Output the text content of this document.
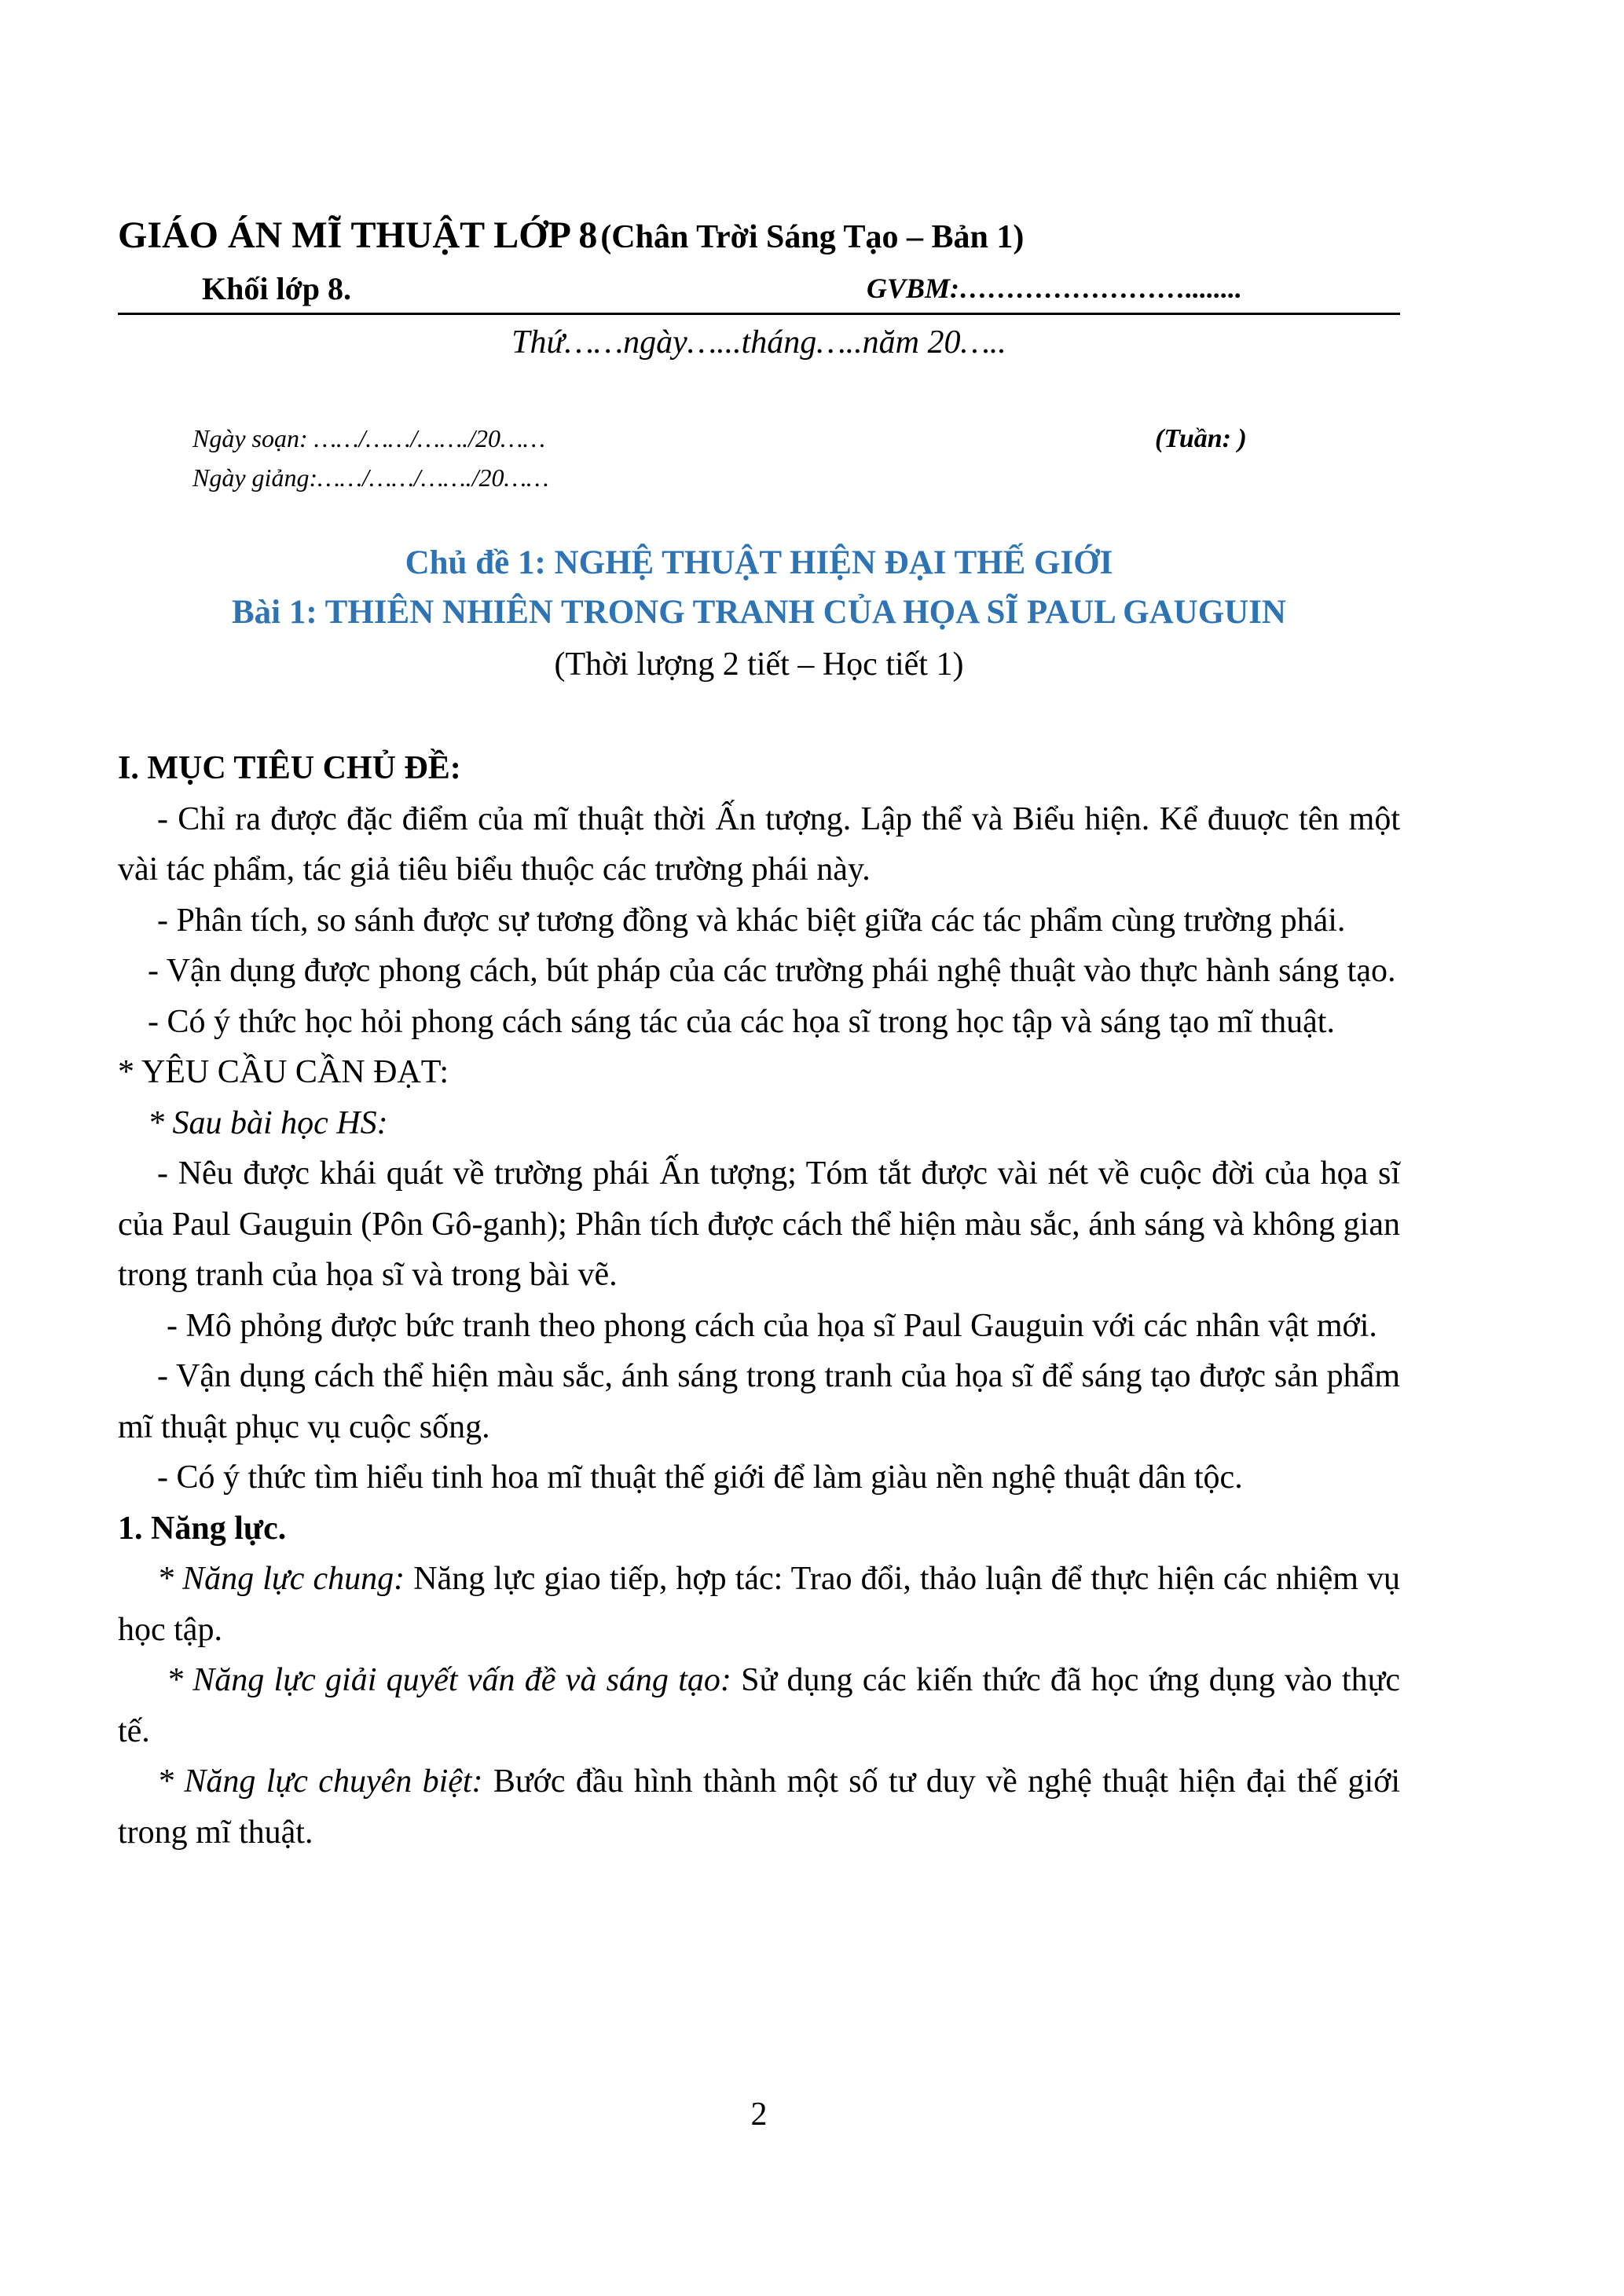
GIÁO ÁN MĨ THUẬT LỚP 8 (Chân Trời Sáng Tạo – Bản 1)
Khối lớp 8.	GVBM:……………………........
Thứ……ngày…...tháng…..năm 20…..
Ngày soạn: ……/……/……./20……	(Tuần: )
Ngày giảng:……/……/……./20……
Chủ đề 1: NGHỆ THUẬT HIỆN ĐẠI THẾ GIỚI
Bài 1: THIÊN NHIÊN TRONG TRANH CỦA HỌA SĨ PAUL GAUGUIN
(Thời lượng 2 tiết – Học tiết 1)

I. MỤC TIÊU CHỦ ĐỀ:

- Chỉ ra được đặc điểm của mĩ thuật thời Ấn tượng. Lập thể và Biểu hiện. Kể đuuợc tên một vài tác phẩm, tác giả tiêu biểu thuộc các trường phái này.

- Phân tích, so sánh được sự tương đồng và khác biệt giữa các tác phẩm cùng trường phái.

- Vận dụng được phong cách, bút pháp của các trường phái nghệ thuật vào thực hành sáng tạo.

- Có ý thức học hỏi phong cách sáng tác của các họa sĩ trong học tập và sáng tạo mĩ thuật.

* YÊU CẦU CẦN ĐẠT:

* Sau bài học HS:

- Nêu được khái quát về trường phái Ấn tượng; Tóm tắt được vài nét về cuộc đời của họa sĩ của Paul Gauguin (Pôn Gô-ganh); Phân tích được cách thể hiện màu sắc, ánh sáng và không gian trong tranh của họa sĩ và trong bài vẽ.

- Mô phỏng được bức tranh theo phong cách của họa sĩ Paul Gauguin với các nhân vật mới.

- Vận dụng cách thể hiện màu sắc, ánh sáng trong tranh của họa sĩ để sáng tạo được sản phẩm mĩ thuật phục vụ cuộc sống.

- Có ý thức tìm hiểu tinh hoa mĩ thuật thế giới để làm giàu nền nghệ thuật dân tộc.

1. Năng lực.

* Năng lực chung: Năng lực giao tiếp, hợp tác: Trao đổi, thảo luận để thực hiện các nhiệm vụ học tập.

* Năng lực giải quyết vấn đề và sáng tạo: Sử dụng các kiến thức đã học ứng dụng vào thực tế.

* Năng lực chuyên biệt: Bước đầu hình thành một số tư duy về nghệ thuật hiện đại thế giới trong mĩ thuật.

2
